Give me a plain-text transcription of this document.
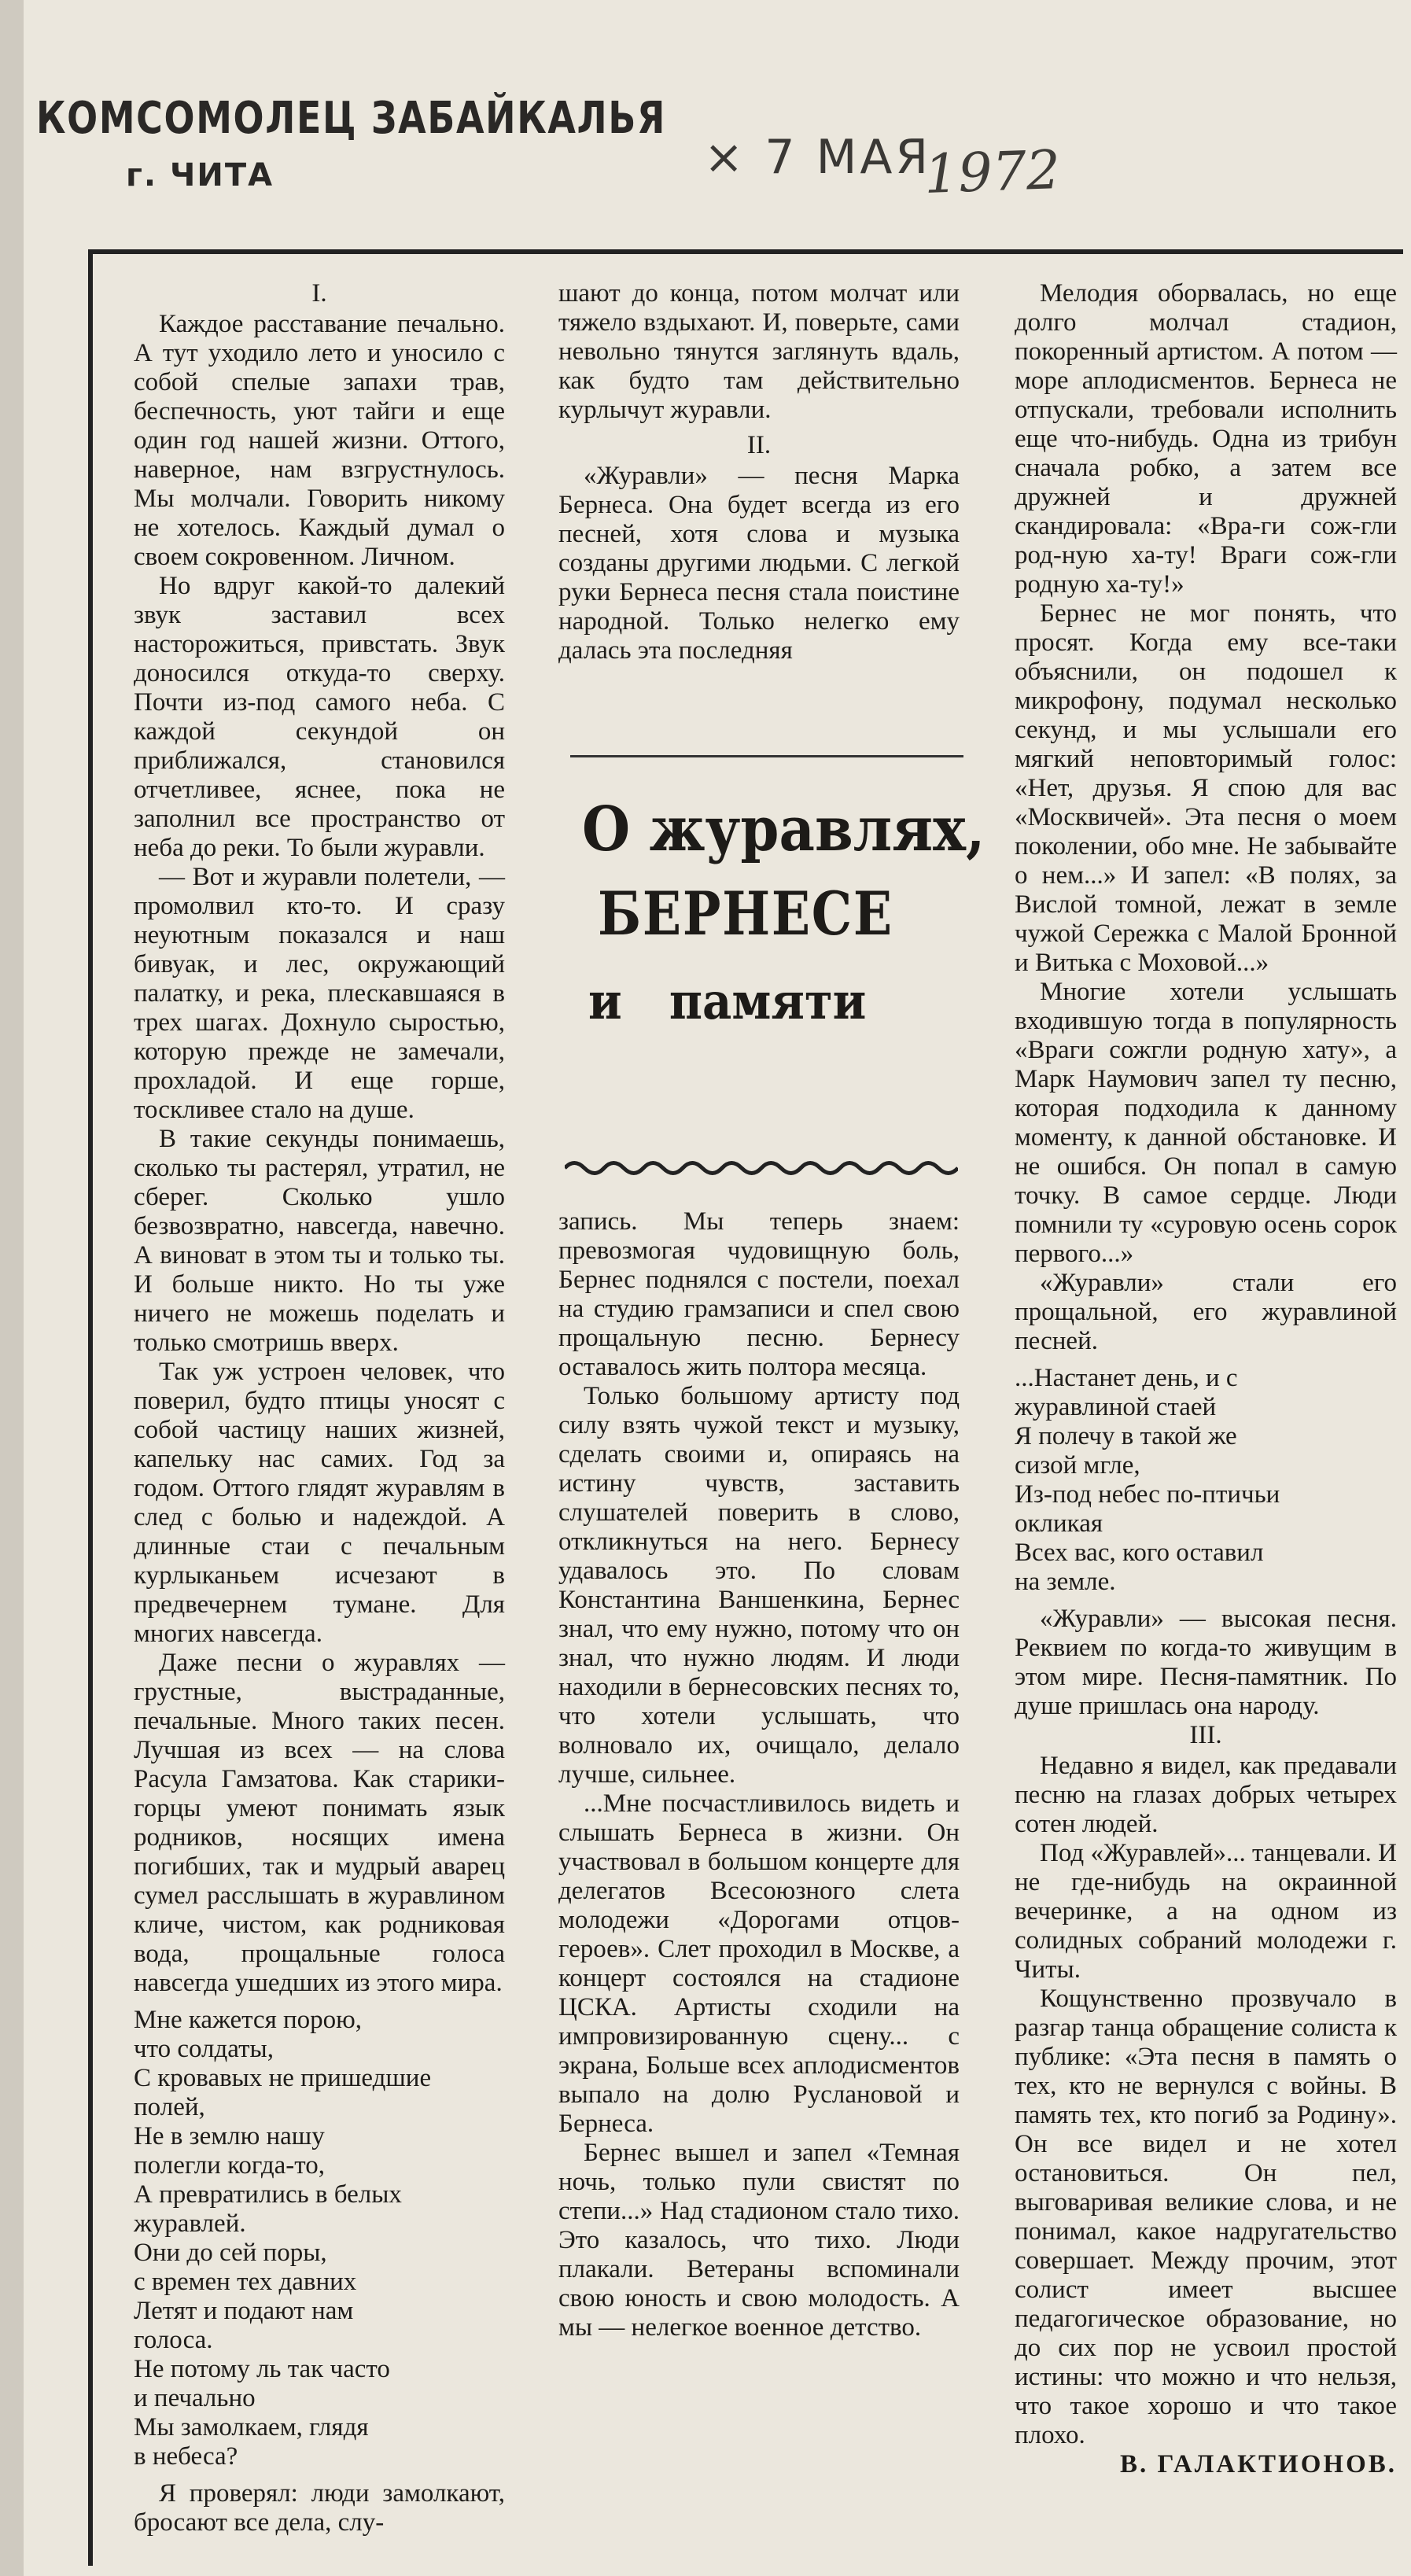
КОМСОМОЛЕЦ ЗАБАЙКАЛЬЯ
г. ЧИТА	× 7 МАЯ
1972

I.

Каждое расставание печально. А тут уходило лето и уносило с собой спелые запахи трав, беспечность, уют тайги и еще один год нашей жизни. Оттого, наверное, нам взгрустнулось. Мы молчали. Говорить никому не хотелось. Каждый думал о своем сокровенном. Личном.

Но вдруг какой-то далекий звук заставил всех насторожиться, привстать. Звук доносился откуда-то сверху. Почти из-под самого неба. С каждой секундой он приближался, становился отчетливее, яснее, пока не заполнил все пространство от неба до реки. То были журавли.

— Вот и журавли полетели, — промолвил кто-то. И сразу неуютным показался и наш бивуак, и лес, окружающий палатку, и река, плескавшаяся в трех шагах. Дохнуло сыростью, которую прежде не замечали, прохладой. И еще горше, тоскливее стало на душе.

В такие секунды понимаешь, сколько ты растерял, утратил, не сберег. Сколько ушло безвозвратно, навсегда, навечно. А виноват в этом ты и только ты. И больше никто. Но ты уже ничего не можешь поделать и только смотришь вверх.

Так уж устроен человек, что поверил, будто птицы уносят с собой частицу наших жизней, капельку нас самих. Год за годом. Оттого глядят журавлям в след с болью и надеждой. А длинные стаи с печальным курлыканьем исчезают в предвечернем тумане. Для многих навсегда.

Даже песни о журавлях — грустные, выстраданные, печальные. Много таких песен. Лучшая из всех — на слова Расула Гамзатова. Как старики-горцы умеют понимать язык родников, носящих имена погибших, так и мудрый аварец сумел расслышать в журавлином кличе, чистом, как родниковая вода, прощальные голоса навсегда ушедших из этого мира.

Мне кажется порою,
что солдаты,
С кровавых не пришедшие
полей,
Не в землю нашу
полегли когда-то,
А превратились в белых
журавлей.
Они до сей поры,
с времен тех давних
Летят и подают нам
голоса.
Не потому ль так часто
и печально
Мы замолкаем, глядя
в небеса?

Я проверял: люди замолкают, бросают все дела, слу-

шают до конца, потом молчат или тяжело вздыхают. И, поверьте, сами невольно тянутся заглянуть вдаль, как будто там действительно курлычут журавли.

II.

«Журавли» — песня Марка Бернеса. Она будет всегда из его песней, хотя слова и музыка созданы другими людьми. С легкой руки Бернеса песня стала поистине народной. Только нелегко ему далась эта последняя

О журавлях,
БЕРНЕСЕ
и   памяти

запись. Мы теперь знаем: превозмогая чудовищную боль, Бернес поднялся с постели, поехал на студию грамзаписи и спел свою прощальную песню. Бернесу оставалось жить полтора месяца.

Только большому артисту под силу взять чужой текст и музыку, сделать своими и, опираясь на истину чувств, заставить слушателей поверить в слово, откликнуться на него. Бернесу удавалось это. По словам Константина Ваншенкина, Бернес знал, что ему нужно, потому что он знал, что нужно людям. И люди находили в бернесовских песнях то, что хотели услышать, что волновало их, очищало, делало лучше, сильнее.

...Мне посчастливилось видеть и слышать Бернеса в жизни. Он участвовал в большом концерте для делегатов Всесоюзного слета молодежи «Дорогами отцов-героев». Слет проходил в Москве, а концерт состоялся на стадионе ЦСКА. Артисты сходили на импровизированную сцену... с экрана, Больше всех аплодисментов выпало на долю Руслановой и Бернеса.

Бернес вышел и запел «Темная ночь, только пули свистят по степи...» Над стадионом стало тихо. Это казалось, что тихо. Люди плакали. Ветераны вспоминали свою юность и свою молодость. А мы — нелегкое военное детство.

Мелодия оборвалась, но еще долго молчал стадион, покоренный артистом. А потом — море аплодисментов. Бернеса не отпускали, требовали исполнить еще что-нибудь. Одна из трибун сначала робко, а затем все дружней и дружней скандировала: «Вра-ги сож-гли род-ную ха-ту! Враги сож-гли родную ха-ту!»

Бернес не мог понять, что просят. Когда ему все-таки объяснили, он подошел к микрофону, подумал несколько секунд, и мы услышали его мягкий неповторимый голос: «Нет, друзья. Я спою для вас «Москвичей». Эта песня о моем поколении, обо мне. Не забывайте о нем...» И запел: «В полях, за Вислой томной, лежат в земле чужой Сережка с Малой Бронной и Витька с Моховой...»

Многие хотели услышать входившую тогда в популярность «Враги сожгли родную хату», а Марк Наумович запел ту песню, которая подходила к данному моменту, к данной обстановке. И не ошибся. Он попал в самую точку. В самое сердце. Люди помнили ту «суровую осень сорок первого...»

«Журавли» стали его прощальной, его журавлиной песней.

...Настанет день, и с
журавлиной стаей
Я полечу в такой же
сизой мгле,
Из-под небес по-птичьи
окликая
Всех вас, кого оставил
на земле.

«Журавли» — высокая песня. Реквием по когда-то живущим в этом мире. Песня-памятник. По душе пришлась она народу.

III.

Недавно я видел, как предавали песню на глазах добрых четырех сотен людей.

Под «Журавлей»... танцевали. И не где-нибудь на окраинной вечеринке, а на одном из солидных собраний молодежи г. Читы.

Кощунственно прозвучало в разгар танца обращение солиста к публике: «Эта песня в память о тех, кто не вернулся с войны. В память тех, кто погиб за Родину». Он все видел и не хотел остановиться. Он пел, выговаривая великие слова, и не понимал, какое надругательство совершает. Между прочим, этот солист имеет высшее педагогическое образование, но до сих пор не усвоил простой истины: что можно и что нельзя, что такое хорошо и что такое плохо.

В. ГАЛАКТИОНОВ.
